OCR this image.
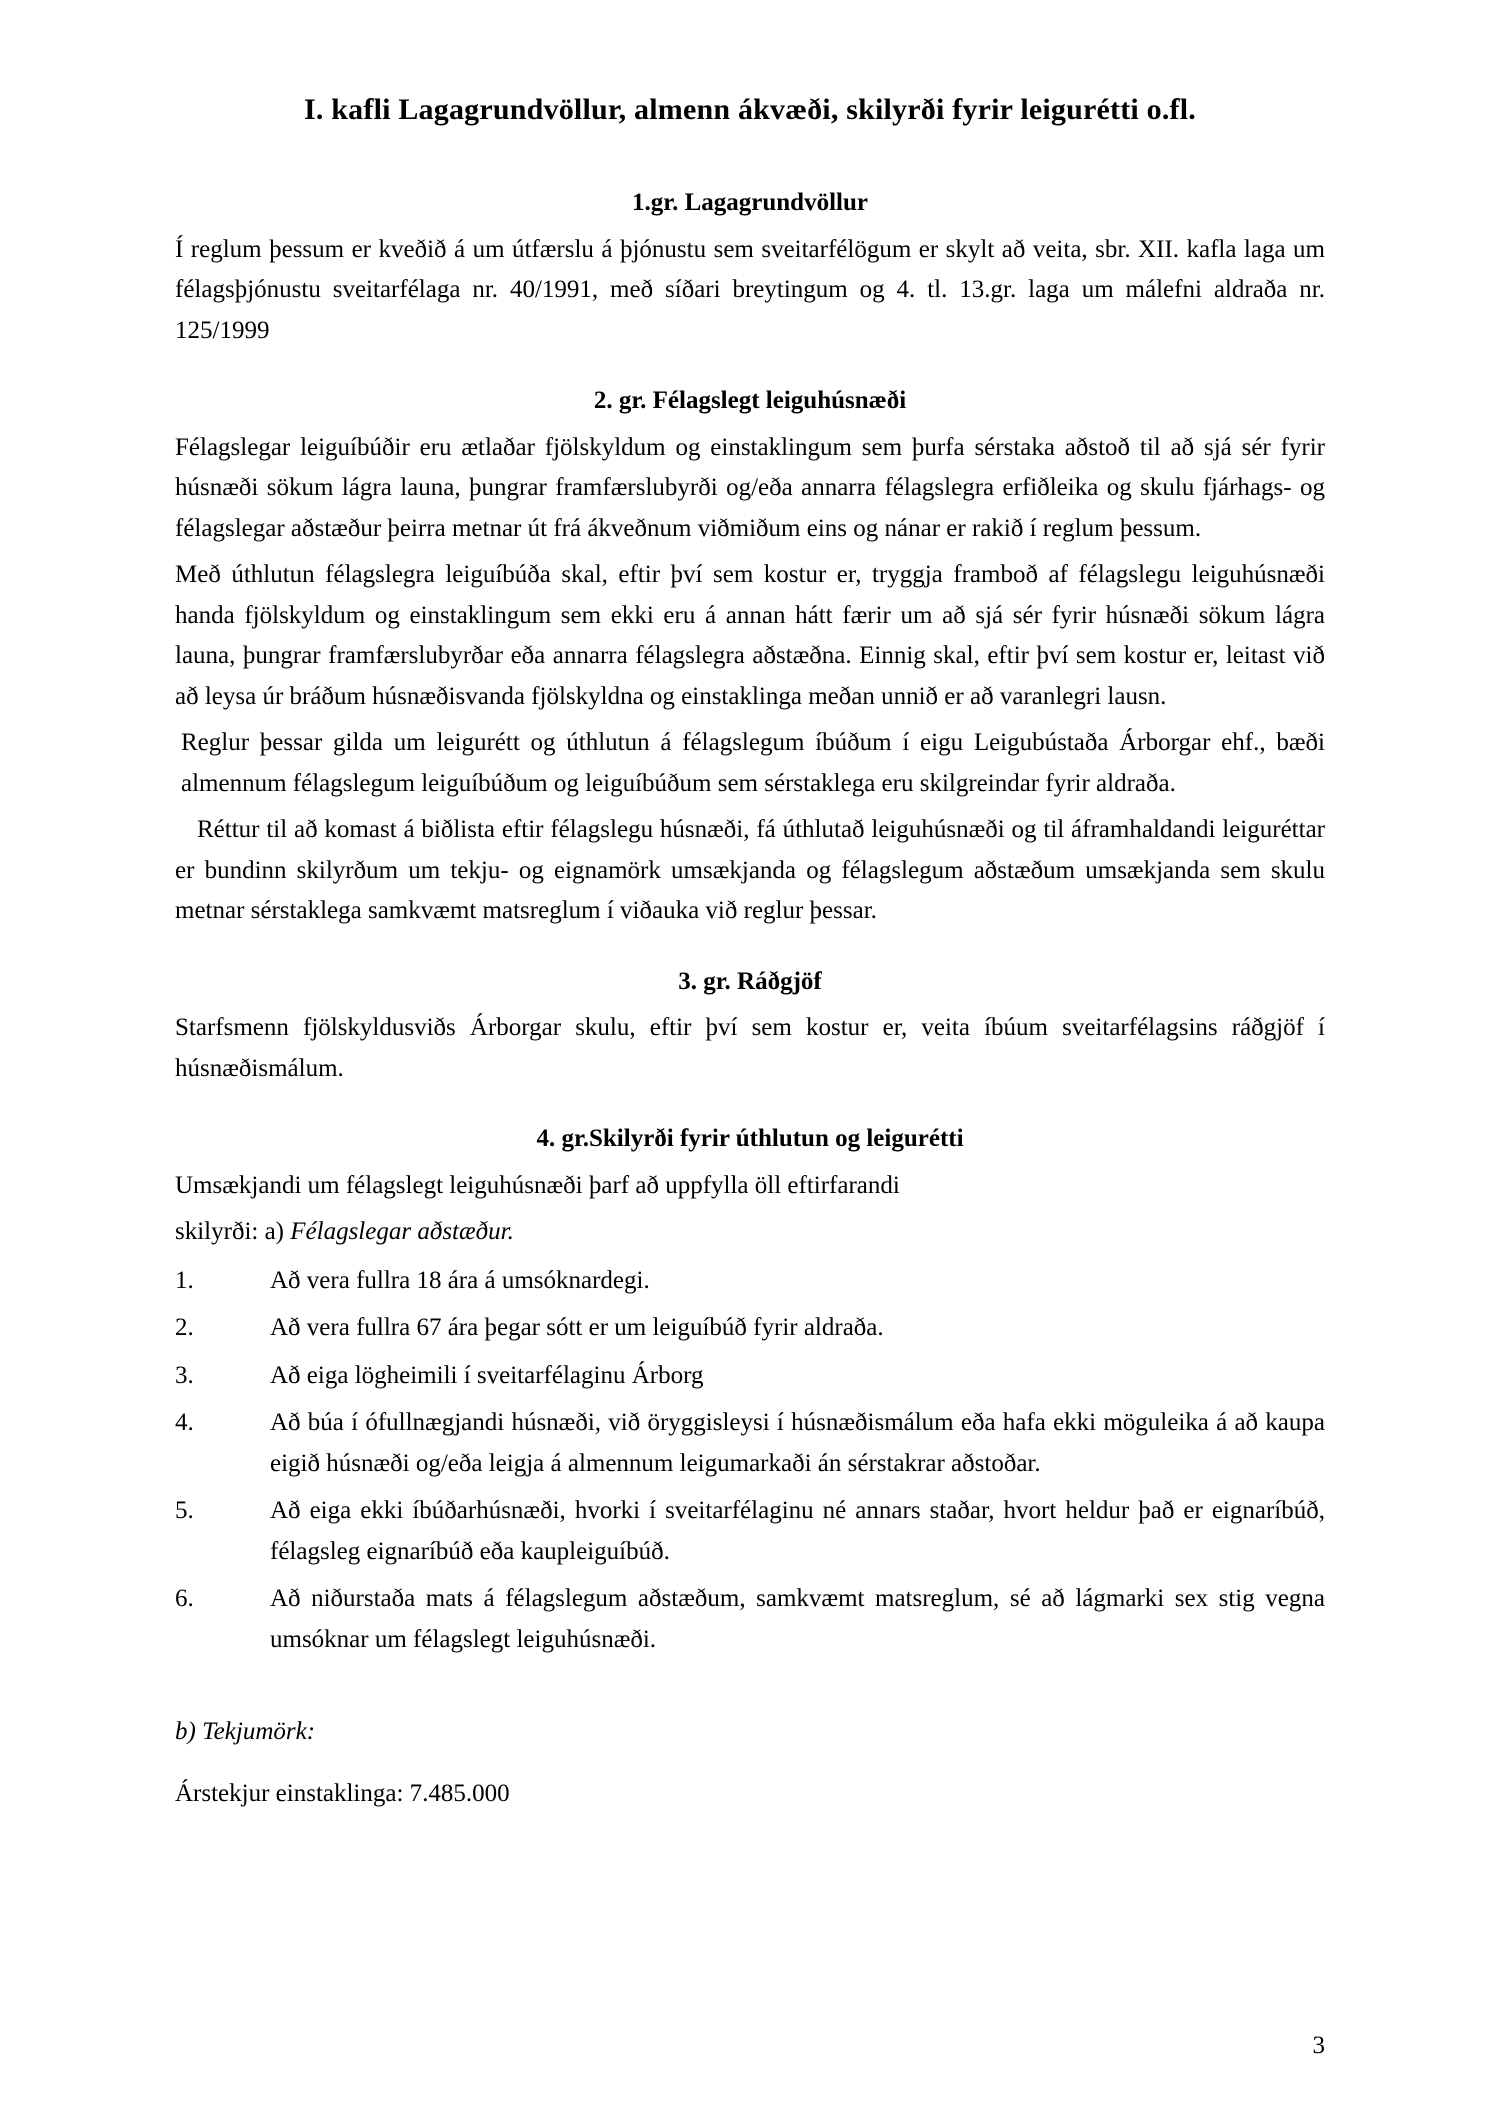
I. kafli Lagagrundvöllur, almenn ákvæði, skilyrði fyrir leigurétti o.fl.
1.gr. Lagagrundvöllur

Í reglum þessum er kveðið á um útfærslu á þjónustu sem sveitarfélögum er skylt að veita, sbr. XII. kafla laga um félagsþjónustu sveitarfélaga nr. 40/1991, með síðari breytingum og 4. tl. 13.gr. laga um málefni aldraða nr. 125/1999

2. gr. Félagslegt leiguhúsnæði

Félagslegar leiguíbúðir eru ætlaðar fjölskyldum og einstaklingum sem þurfa sérstaka aðstoð til að sjá sér fyrir húsnæði sökum lágra launa, þungrar framfærslubyrði og/eða annarra félagslegra erfiðleika og skulu fjárhags- og félagslegar aðstæður þeirra metnar út frá ákveðnum viðmiðum eins og nánar er rakið í reglum þessum.

Með úthlutun félagslegra leiguíbúða skal, eftir því sem kostur er, tryggja framboð af félagslegu leiguhúsnæði handa fjölskyldum og einstaklingum sem ekki eru á annan hátt færir um að sjá sér fyrir húsnæði sökum lágra launa, þungrar framfærslubyrðar eða annarra félagslegra aðstæðna. Einnig skal, eftir því sem kostur er, leitast við að leysa úr bráðum húsnæðisvanda fjölskyldna og einstaklinga meðan unnið er að varanlegri lausn.

Reglur þessar gilda um leigurétt og úthlutun á félagslegum íbúðum í eigu Leigubústaða Árborgar ehf., bæði almennum félagslegum leiguíbúðum og leiguíbúðum sem sérstaklega eru skilgreindar fyrir aldraða.

Réttur til að komast á biðlista eftir félagslegu húsnæði, fá úthlutað leiguhúsnæði og til áframhaldandi leiguréttar er bundinn skilyrðum um tekju- og eignamörk umsækjanda og félagslegum aðstæðum umsækjanda sem skulu metnar sérstaklega samkvæmt matsreglum í viðauka við reglur þessar.

3. gr. Ráðgjöf

Starfsmenn fjölskyldusviðs Árborgar skulu, eftir því sem kostur er, veita íbúum sveitarfélagsins ráðgjöf í húsnæðismálum.

4. gr.Skilyrði fyrir úthlutun og leigurétti

Umsækjandi um félagslegt leiguhúsnæði þarf að uppfylla öll eftirfarandi

skilyrði: a) Félagslegar aðstæður.

1.	Að vera fullra 18 ára á umsóknardegi.
2.	Að vera fullra 67 ára þegar sótt er um leiguíbúð fyrir aldraða.
3.	Að eiga lögheimili í sveitarfélaginu Árborg
4.	Að búa í ófullnægjandi húsnæði, við öryggisleysi í húsnæðismálum eða hafa ekki möguleika á að kaupa eigið húsnæði og/eða leigja á almennum leigumarkaði án sérstakrar aðstoðar.
5.	Að eiga ekki íbúðarhúsnæði, hvorki í sveitarfélaginu né annars staðar, hvort heldur það er eignaríbúð, félagsleg eignaríbúð eða kaupleiguíbúð.
6.	Að niðurstaða mats á félagslegum aðstæðum, samkvæmt matsreglum, sé að lágmarki sex stig vegna umsóknar um félagslegt leiguhúsnæði.

b) Tekjumörk:

Árstekjur einstaklinga: 7.485.000

3
